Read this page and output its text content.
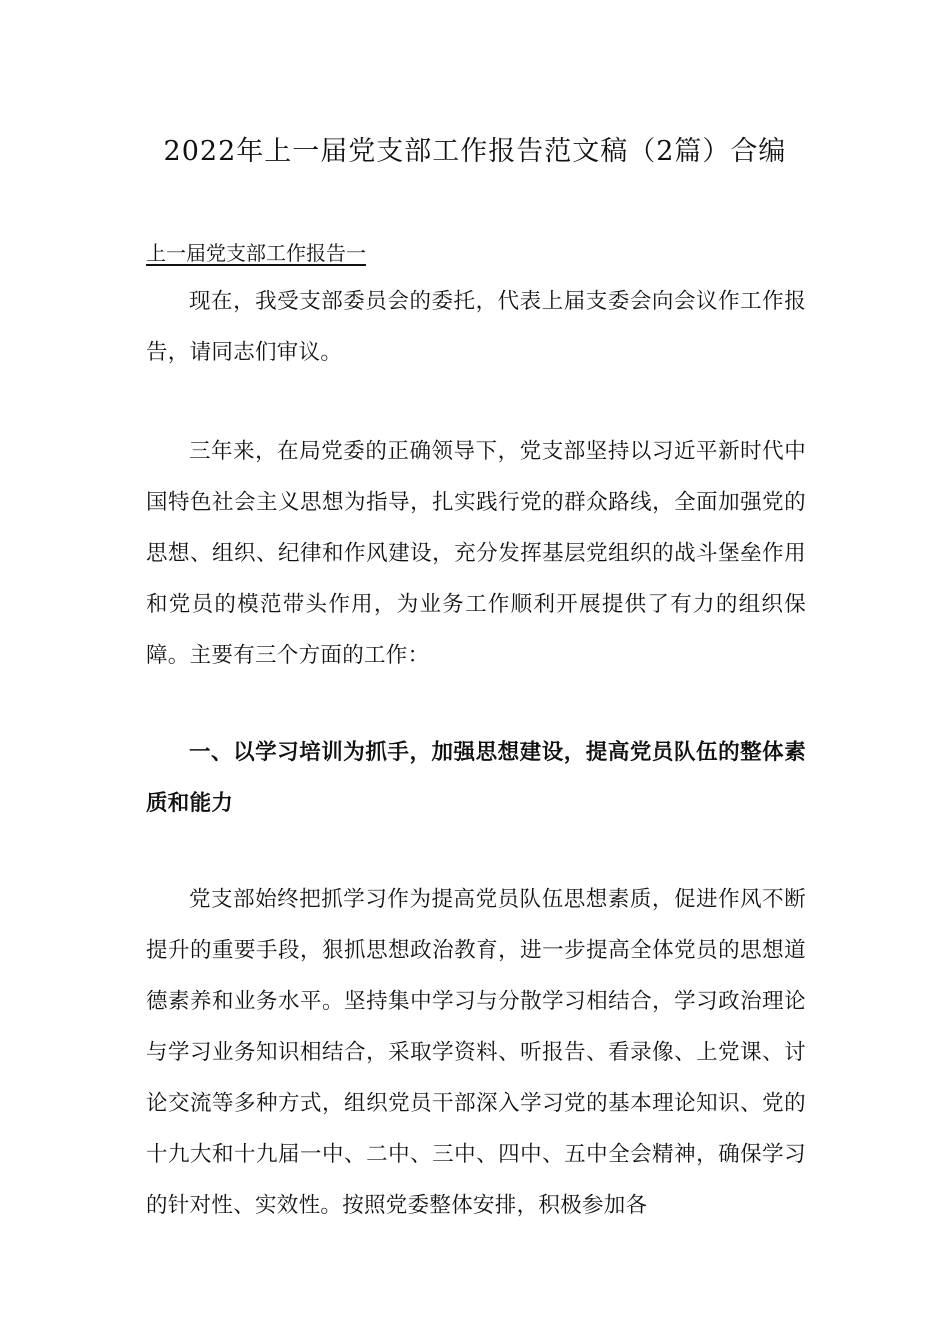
2022年上一届党支部工作报告范文稿（2篇）合编
上一届党支部工作报告一

现在，我受支部委员会的委托，代表上届支委会向会议作工作报告，请同志们审议。

三年来，在局党委的正确领导下，党支部坚持以习近平新时代中国特色社会主义思想为指导，扎实践行党的群众路线，全面加强党的思想、组织、纪律和作风建设，充分发挥基层党组织的战斗堡垒作用和党员的模范带头作用，为业务工作顺利开展提供了有力的组织保障。主要有三个方面的工作：

一、以学习培训为抓手，加强思想建设，提高党员队伍的整体素质和能力

党支部始终把抓学习作为提高党员队伍思想素质，促进作风不断提升的重要手段，狠抓思想政治教育，进一步提高全体党员的思想道德素养和业务水平。坚持集中学习与分散学习相结合，学习政治理论与学习业务知识相结合，采取学资料、听报告、看录像、上党课、讨论交流等多种方式，组织党员干部深入学习党的基本理论知识、党的十九大和十九届一中、二中、三中、四中、五中全会精神，确保学习的针对性、实效性。按照党委整体安排，积极参加各
